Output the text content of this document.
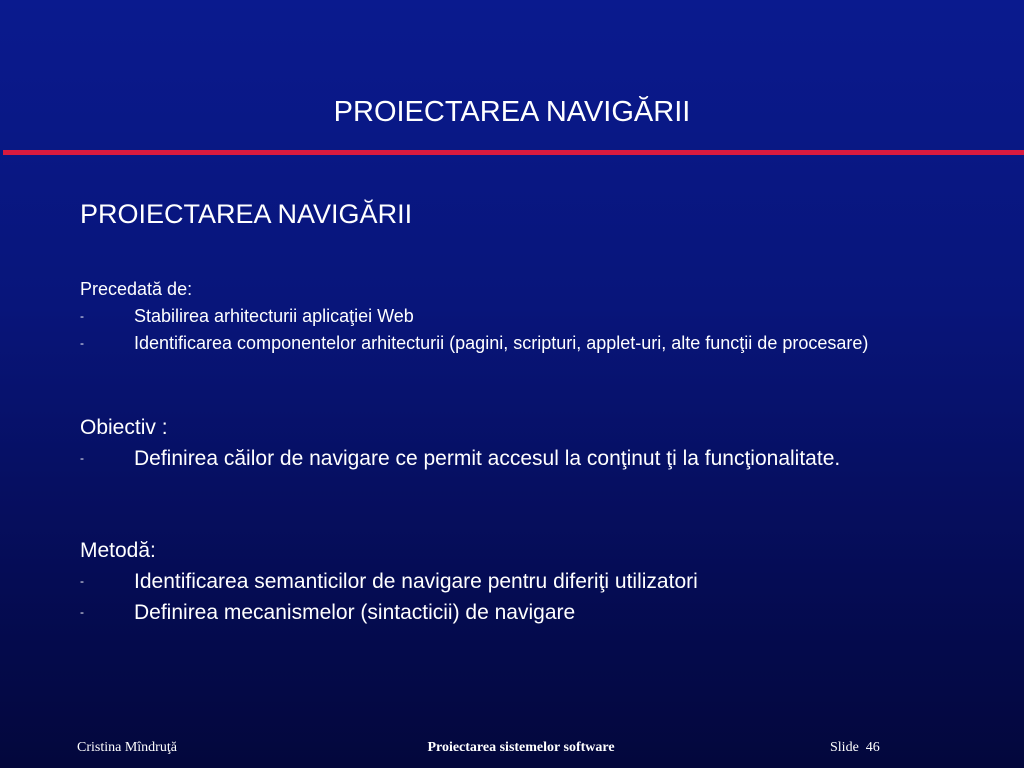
PROIECTAREA NAVIGĂRII
PROIECTAREA NAVIGĂRII
Precedată de:
-	Stabilirea arhitecturii aplicaţiei Web
-	Identificarea componentelor arhitecturii (pagini, scripturi, applet-uri, alte funcţii de procesare)
Obiectiv :
-	Definirea căilor de navigare ce permit accesul la conţinut ţi la funcţionalitate.
Metodă:
-	Identificarea semanticilor de navigare pentru diferiţi utilizatori
-	Definirea mecanismelor (sintacticii) de navigare
Cristina Mîndruţă	Proiectarea sistemelor software	Slide  46
